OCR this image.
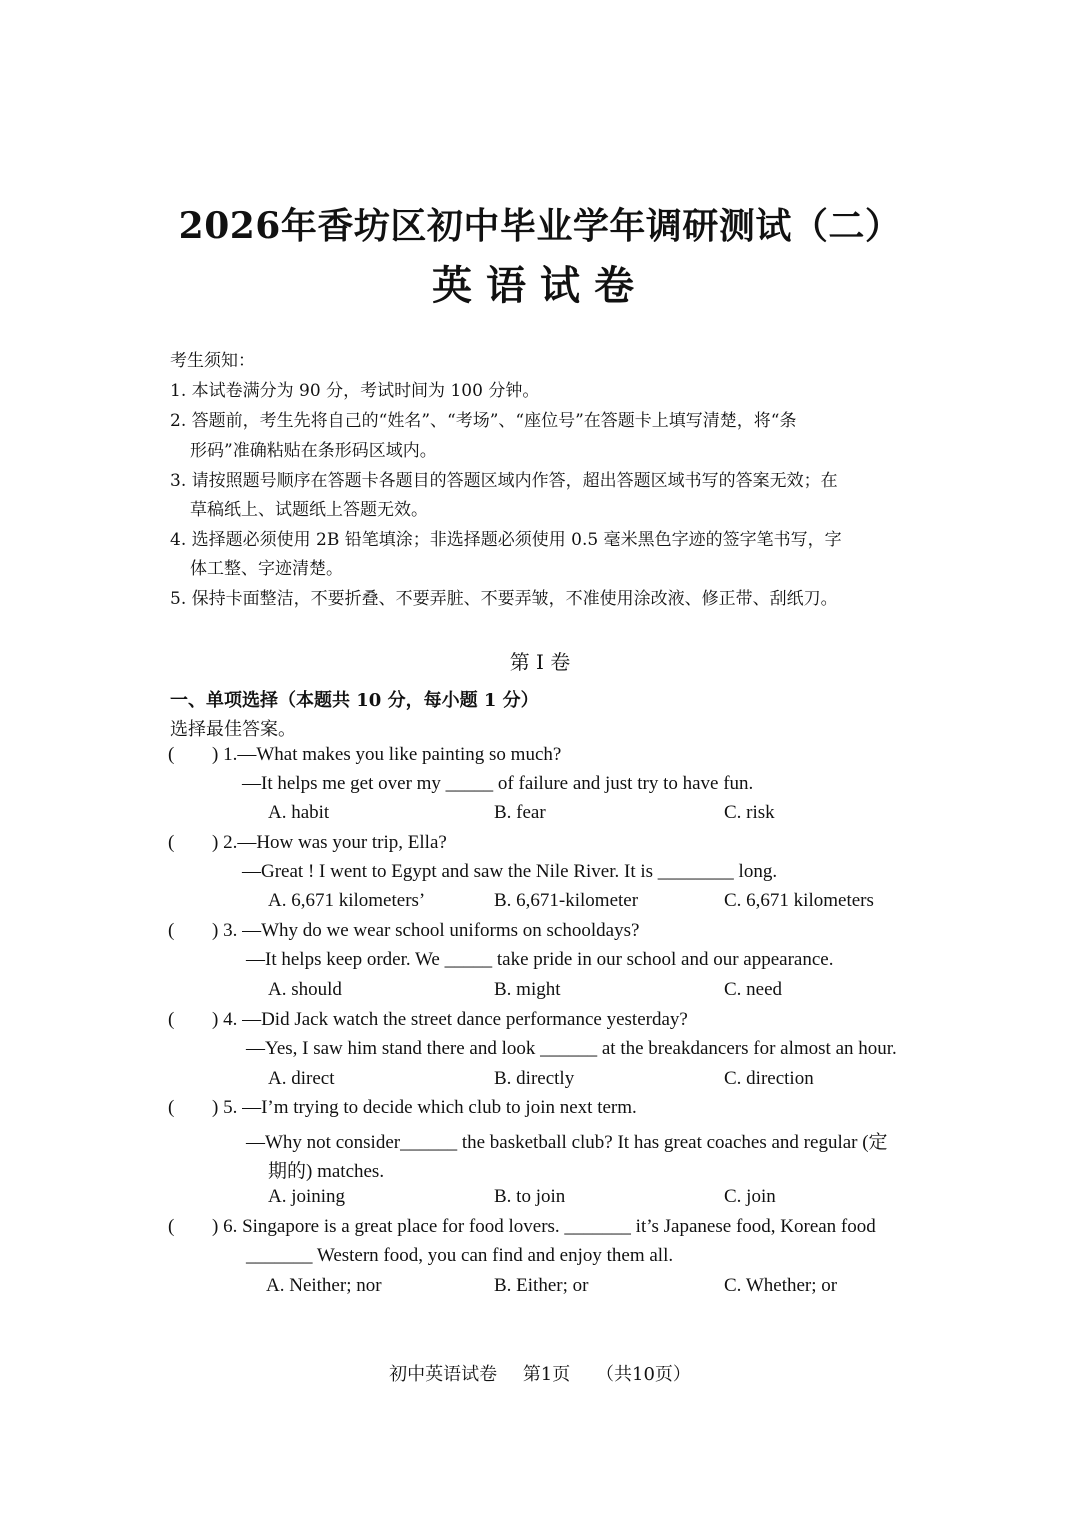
2026年香坊区初中毕业学年调研测试（二）
英语试卷
考生须知：
1. 本试卷满分为 90 分，考试时间为 100 分钟。
2. 答题前，考生先将自己的“姓名”、“考场”、“座位号”在答题卡上填写清楚，将“条
形码”准确粘贴在条形码区域内。
3. 请按照题号顺序在答题卡各题目的答题区域内作答，超出答题区域书写的答案无效；在
草稿纸上、试题纸上答题无效。
4. 选择题必须使用 2B 铅笔填涂；非选择题必须使用 0.5 毫米黑色字迹的签字笔书写，字
体工整、字迹清楚。
5. 保持卡面整洁，不要折叠、不要弄脏、不要弄皱，不准使用涂改液、修正带、刮纸刀。
第 Ⅰ 卷
一、单项选择（本题共 10 分，每小题 1 分）
选择最佳答案。
( ) 1.—What makes you like painting so much?
—It helps me get over my _____ of failure and just try to have fun.
A. habit	B. fear	C. risk
( ) 2.—How was your trip, Ella?
—Great ! I went to Egypt and saw the Nile River. It is ________ long.
A. 6,671 kilometers’	B. 6,671-kilometer	C. 6,671 kilometers
( ) 3. —Why do we wear school uniforms on schooldays?
—It helps keep order. We _____ take pride in our school and our appearance.
A. should	B. might	C. need
( ) 4. —Did Jack watch the street dance performance yesterday?
—Yes, I saw him stand there and look ______ at the breakdancers for almost an hour.
A. direct	B. directly	C. direction
( ) 5. —I’m trying to decide which club to join next term.
—Why not consider______ the basketball club? It has great coaches and regular (定
期的) matches.
A. joining	B. to join	C. join
( ) 6. Singapore is a great place for food lovers. _______ it’s Japanese food, Korean food
_______ Western food, you can find and enjoy them all.
A. Neither; nor	B. Either; or	C. Whether; or
初中英语试卷 第1页 （共10页）
